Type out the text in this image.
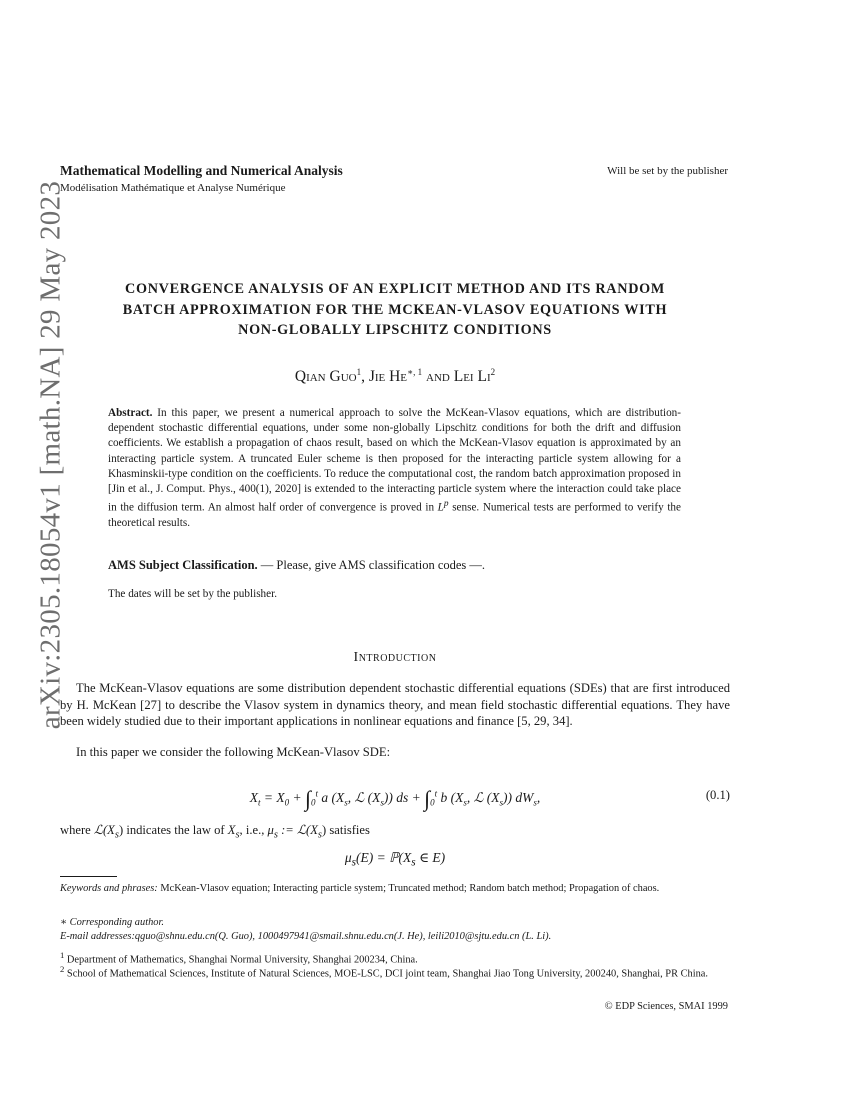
arXiv:2305.18054v1 [math.NA] 29 May 2023
Mathematical Modelling and Numerical Analysis
Modélisation Mathématique et Analyse Numérique
Will be set by the publisher
CONVERGENCE ANALYSIS OF AN EXPLICIT METHOD AND ITS RANDOM
BATCH APPROXIMATION FOR THE MCKEAN-VLASOV EQUATIONS WITH
NON-GLOBALLY LIPSCHITZ CONDITIONS
Qian Guo$^1$, Jie $He^{∗, 1}$ and Lei Li$^2$
Abstract. In this paper, we present a numerical approach to solve the McKean-Vlasov equations, which are distribution-dependent stochastic differential equations, under some non-globally Lipschitz conditions for both the drift and diffusion coefficients. We establish a propagation of chaos result, based on which the McKean-Vlasov equation is approximated by an interacting particle system. A truncated Euler scheme is then proposed for the interacting particle system allowing for a Khasminskii-type condition on the coefficients. To reduce the computational cost, the random batch approximation proposed in [Jin et al., J. Comput. Phys., 400(1), 2020] is extended to the interacting particle system where the interaction could take place in the diffusion term. An almost half order of convergence is proved in $L^p$ sense. Numerical tests are performed to verify the theoretical results.
AMS Subject Classification. — Please, give AMS classification codes —.
The dates will be set by the publisher.
Introduction
The McKean-Vlasov equations are some distribution dependent stochastic differential equations (SDEs) that are first introduced by H. McKean [27] to describe the Vlasov system in dynamics theory, and mean field stochastic differential equations. They have been widely studied due to their important applications in nonlinear equations and finance [5, 29, 34].
In this paper we consider the following McKean-Vlasov SDE:
$X_t = X_0 + \int_0^t$ a ($X_s$, ℒ $(X_s)$) ds + $\int_0^t$ b ($X_s$, ℒ $(X_s)$) $dW_s$,	(0.1)
where $ℒ(X_s)$ indicates the law of $X_s$, i.e., $\mu_s$ := $ℒ(X_s)$ satisfies
$\mu_s(E)$ = $ℙ(X_s$ ∈ E)
Keywords and phrases: McKean-Vlasov equation; Interacting particle system; Truncated method; Random batch method; Propagation of chaos.
∗ Corresponding author.
E-mail addresses:qguo@shnu.edu.cn(Q. Guo), 1000497941@smail.shnu.edu.cn(J. He), leili2010@sjtu.edu.cn (L. Li).
$^1$ Department of Mathematics, Shanghai Normal University, Shanghai 200234, China.
$^2$ School of Mathematical Sciences, Institute of Natural Sciences, MOE-LSC, DCI joint team, Shanghai Jiao Tong University, 200240, Shanghai, PR China.
© EDP Sciences, SMAI 1999
